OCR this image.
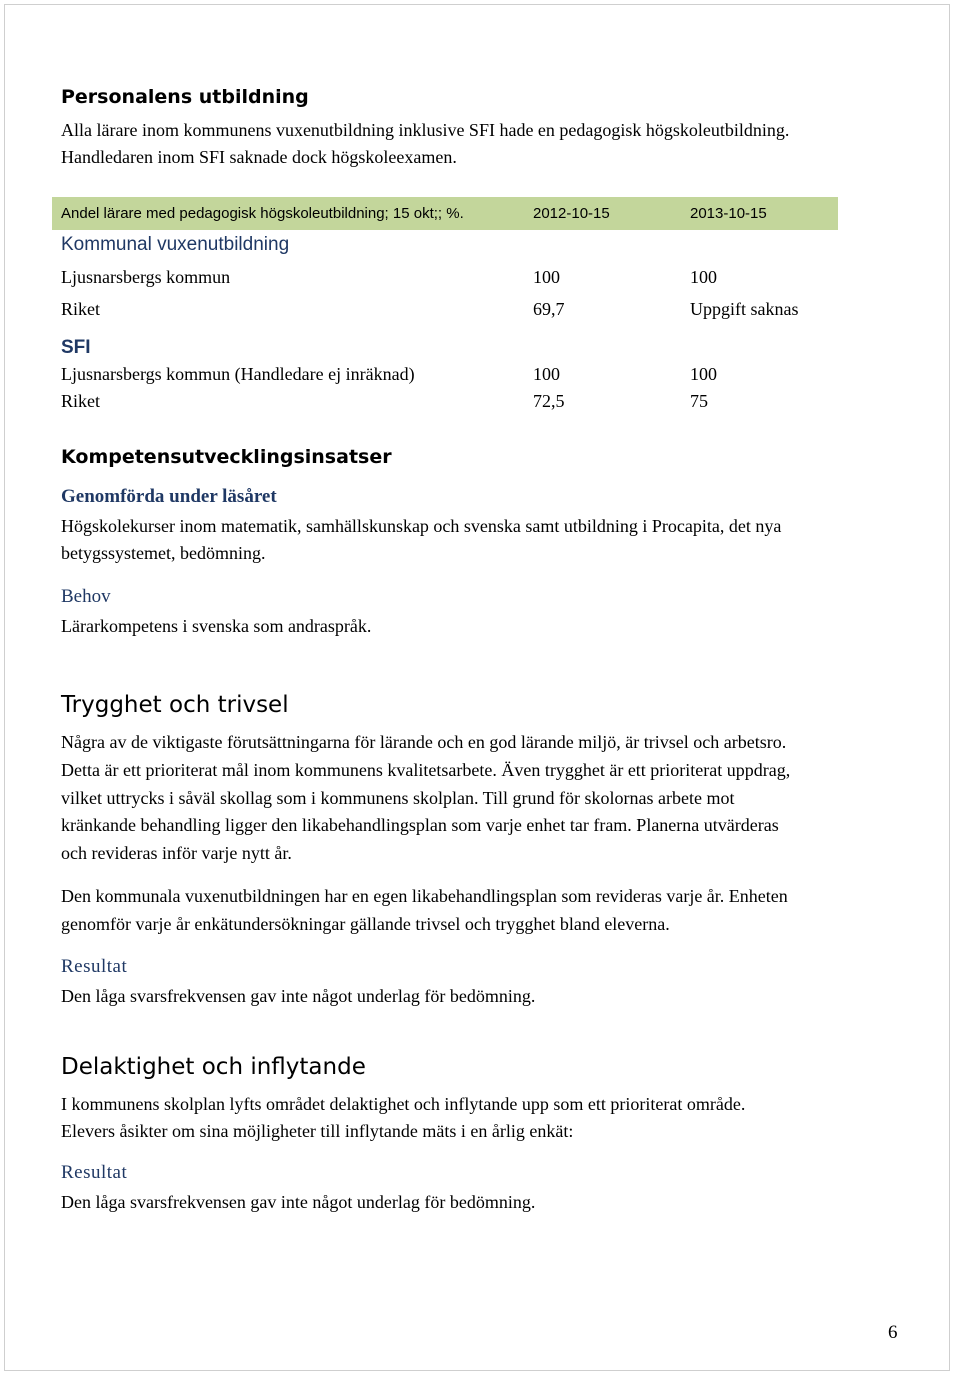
Personalens utbildning
Alla lärare inom kommunens vuxenutbildning inklusive SFI hade en pedagogisk högskoleutbildning.
Handledaren inom SFI saknade dock högskoleexamen.
Andel lärare med pedagogisk högskoleutbildning; 15 okt;; %.	2012-10-15	2013-10-15
Kommunal vuxenutbildning
Ljusnarsbergs kommun	100	100
Riket	69,7	Uppgift saknas
SFI
Ljusnarsbergs kommun (Handledare ej inräknad)	100	100
Riket	72,5	75
Kompetensutvecklingsinsatser
Genomförda under läsåret
Högskolekurser inom matematik, samhällskunskap och svenska samt utbildning i Procapita, det nya
betygssystemet, bedömning.
Behov
Lärarkompetens i svenska som andraspråk.
Trygghet och trivsel
Några av de viktigaste förutsättningarna för lärande och en god lärande miljö, är trivsel och arbetsro.
Detta är ett prioriterat mål inom kommunens kvalitetsarbete. Även trygghet är ett prioriterat uppdrag,
vilket uttrycks i såväl skollag som i kommunens skolplan. Till grund för skolornas arbete mot
kränkande behandling ligger den likabehandlingsplan som varje enhet tar fram. Planerna utvärderas
och revideras inför varje nytt år.
Den kommunala vuxenutbildningen har en egen likabehandlingsplan som revideras varje år. Enheten
genomför varje år enkätundersökningar gällande trivsel och trygghet bland eleverna.
Resultat
Den låga svarsfrekvensen gav inte något underlag för bedömning.
Delaktighet och inflytande
I kommunens skolplan lyfts området delaktighet och inflytande upp som ett prioriterat område.
Elevers åsikter om sina möjligheter till inflytande mäts i en årlig enkät:
Resultat
Den låga svarsfrekvensen gav inte något underlag för bedömning.
6
